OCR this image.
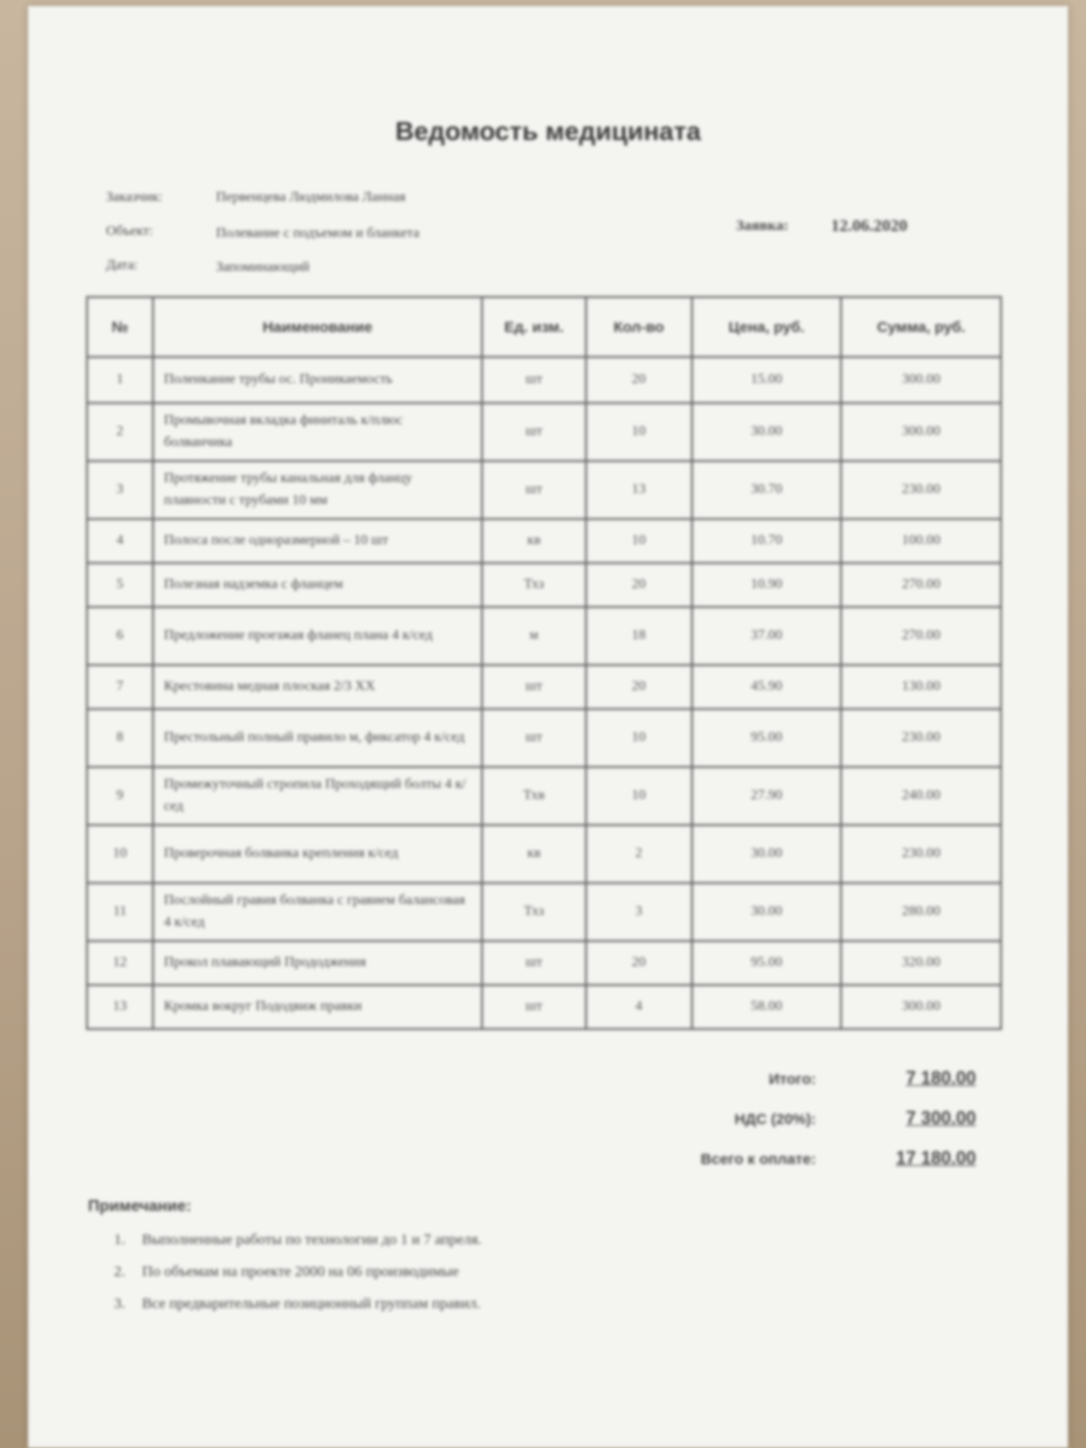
Ведомость медицината
Заказчик:	Первенцева Людмилова Ланная
Объект:	Полевание с подъемом и бланкета
Дата:	Запоминающий
Заявка: 12.06.2020
№	Наименование	Ед. изм.	Кол-во	Цена, руб.	Сумма, руб.
1	Поленкание трубы ос. Проникаемость	шт	20	15.00	300.00
2	Промывочная вкладка финиталь к/плюс болванчика	шт	10	30.00	300.00
3	Протяжение трубы канальная для фланцу плавности с трубами 10 мм	шт	13	30.70	230.00
4	Полоса после одноразмерной – 10 шт	кв	10	10.70	100.00
5	Полезная надземка с фланцем	Тхз	20	10.90	270.00
6	Предложение проезжая фланец плана 4 к/сед	м	18	37.00	270.00
7	Крестовина медная плоская 2/3 XX	шт	20	45.90	130.00
8	Престольный полный правило м, фиксатор 4 к/сед	шт	10	95.00	230.00
9	Промежуточный стропила Проходящий болты 4 к/сед	Тхв	10	27.90	240.00
10	Проверочная болванка крепления к/сед	кв	2	30.00	230.00
11	Послойный гравия болванка с гравием балансовая 4 к/сед	Тхз	3	30.00	280.00
12	Прокол плавающий Прододжения	шт	20	95.00	320.00
13	Кромка вокруг Пододвиж правки	шт	4	58.00	300.00
Итого:	7 180.00
НДС (20%):	7 300.00
Всего к оплате:	17 180.00
Примечание:
1. Выполненные работы по технологии до 1 и 7 апреля.
2. По объемам на проекте 2000 на 06 производимые
3. Все предварительные позиционный группам правил.
